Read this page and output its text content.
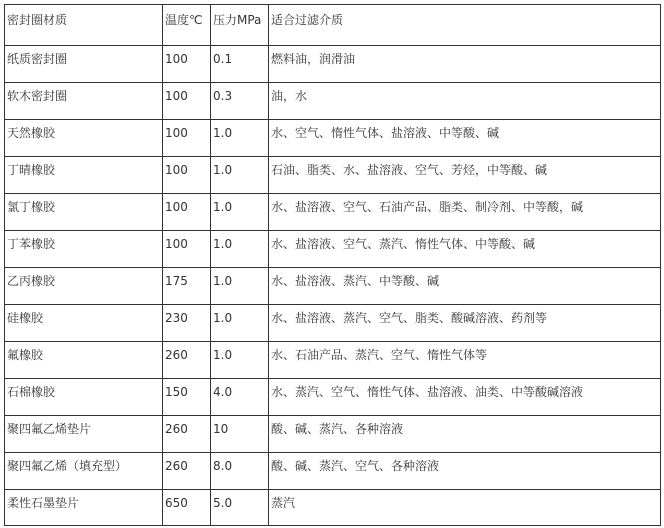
密封圈材质	温度℃	压力MPa	适合过滤介质
纸质密封圈	100	0.1	燃料油，润滑油
软木密封圈	100	0.3	油，水
天然橡胶	100	1.0	水、空气、惰性气体、盐溶液、中等酸、碱
丁晴橡胶	100	1.0	石油、脂类、水、盐溶液、空气、芳烃，中等酸、碱
氯丁橡胶	100	1.0	水、盐溶液、空气、石油产品、脂类、制冷剂、中等酸，碱
丁苯橡胶	100	1.0	水、盐溶液、空气、蒸汽、惰性气体、中等酸、碱
乙丙橡胶	175	1.0	水、盐溶液、蒸汽、中等酸、碱
硅橡胶	230	1.0	水、盐溶液、蒸汽、空气、脂类、酸碱溶液、药剂等
氟橡胶	260	1.0	水、石油产品、蒸汽、空气、惰性气体等
石棉橡胶	150	4.0	水、蒸汽、空气、惰性气体、盐溶液、油类、中等酸碱溶液
聚四氟乙烯垫片	260	10	酸、碱、蒸汽、各种溶液
聚四氟乙烯（填充型）	260	8.0	酸、碱、蒸汽、空气、各种溶液
柔性石墨垫片	650	5.0	蒸汽
